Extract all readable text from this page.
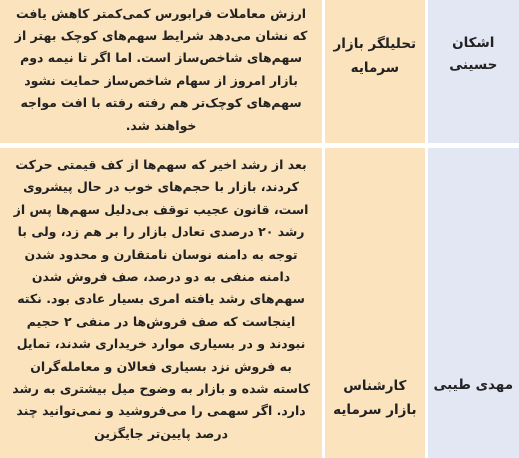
اشکان حسینی
تحلیلگر بازار سرمایه
ارزش معاملات فرابورس کمی‌کمتر کاهش یافت که نشان می‌دهد شرایط سهم‌های کوچک بهتر از سهم‌های شاخص‌ساز است. اما اگر تا نیمه دوم بازار امروز از سهام شاخص‌ساز حمایت نشود سهم‌های کوچک‌تر هم رفته رفته با افت مواجه خواهند شد.
مهدی طیبی
کارشناس بازار سرمایه
بعد از رشد اخیر که سهم‌ها از کف قیمتی حرکت کردند، بازار با حجم‌های خوب در حال پیشروی است، قانون عجیب توقف بی‌دلیل سهم‌ها پس از رشد ۲۰ درصدی تعادل بازار را بر هم زد، ولی با توجه به دامنه نوسان نامتقارن و محدود شدن دامنه منفی به دو درصد، صف فروش شدن سهم‌های رشد یافته امری بسیار عادی بود. نکته اینجاست که صف فروش‌ها در منفی ۲ حجیم نبودند و در بسیاری موارد خریداری شدند، تمایل به فروش نزد بسیاری فعالان و معامله‌گران کاسته شده و بازار به وضوح میل بیشتری به رشد دارد. اگر سهمی را می‌فروشید و نمی‌توانید چند درصد پایین‌تر جایگزین
